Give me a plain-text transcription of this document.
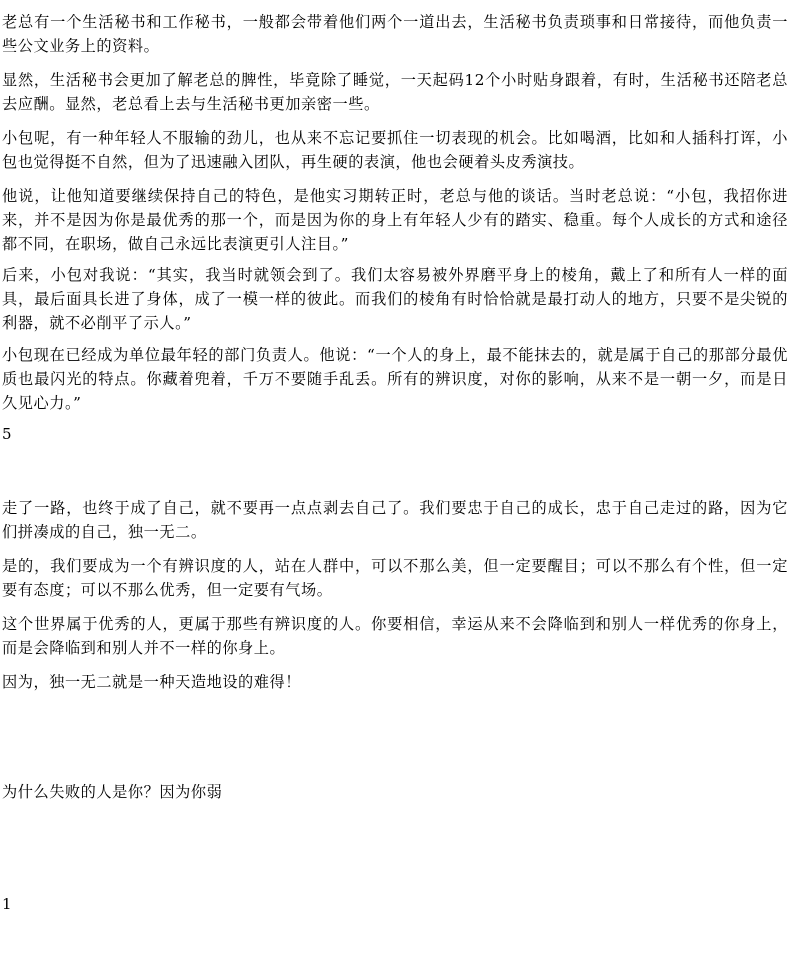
老总有一个生活秘书和工作秘书，一般都会带着他们两个一道出去，生活秘书负责琐事和日常接待，而他负责一些公文业务上的资料。

显然，生活秘书会更加了解老总的脾性，毕竟除了睡觉，一天起码12个小时贴身跟着，有时，生活秘书还陪老总去应酬。显然，老总看上去与生活秘书更加亲密一些。

小包呢，有一种年轻人不服输的劲儿，也从来不忘记要抓住一切表现的机会。比如喝酒，比如和人插科打诨，小包也觉得挺不自然，但为了迅速融入团队，再生硬的表演，他也会硬着头皮秀演技。

他说，让他知道要继续保持自己的特色，是他实习期转正时，老总与他的谈话。当时老总说：“小包，我招你进来，并不是因为你是最优秀的那一个，而是因为你的身上有年轻人少有的踏实、稳重。每个人成长的方式和途径都不同，在职场，做自己永远比表演更引人注目。”

后来，小包对我说：“其实，我当时就领会到了。我们太容易被外界磨平身上的棱角，戴上了和所有人一样的面具，最后面具长进了身体，成了一模一样的彼此。而我们的棱角有时恰恰就是最打动人的地方，只要不是尖锐的利器，就不必削平了示人。”

小包现在已经成为单位最年轻的部门负责人。他说：“一个人的身上，最不能抹去的，就是属于自己的那部分最优质也最闪光的特点。你藏着兜着，千万不要随手乱丢。所有的辨识度，对你的影响，从来不是一朝一夕，而是日久见心力。”

5

走了一路，也终于成了自己，就不要再一点点剥去自己了。我们要忠于自己的成长，忠于自己走过的路，因为它们拼凑成的自己，独一无二。

是的，我们要成为一个有辨识度的人，站在人群中，可以不那么美，但一定要醒目；可以不那么有个性，但一定要有态度；可以不那么优秀，但一定要有气场。

这个世界属于优秀的人，更属于那些有辨识度的人。你要相信，幸运从来不会降临到和别人一样优秀的你身上，而是会降临到和别人并不一样的你身上。

因为，独一无二就是一种天造地设的难得！

为什么失败的人是你？因为你弱

1
